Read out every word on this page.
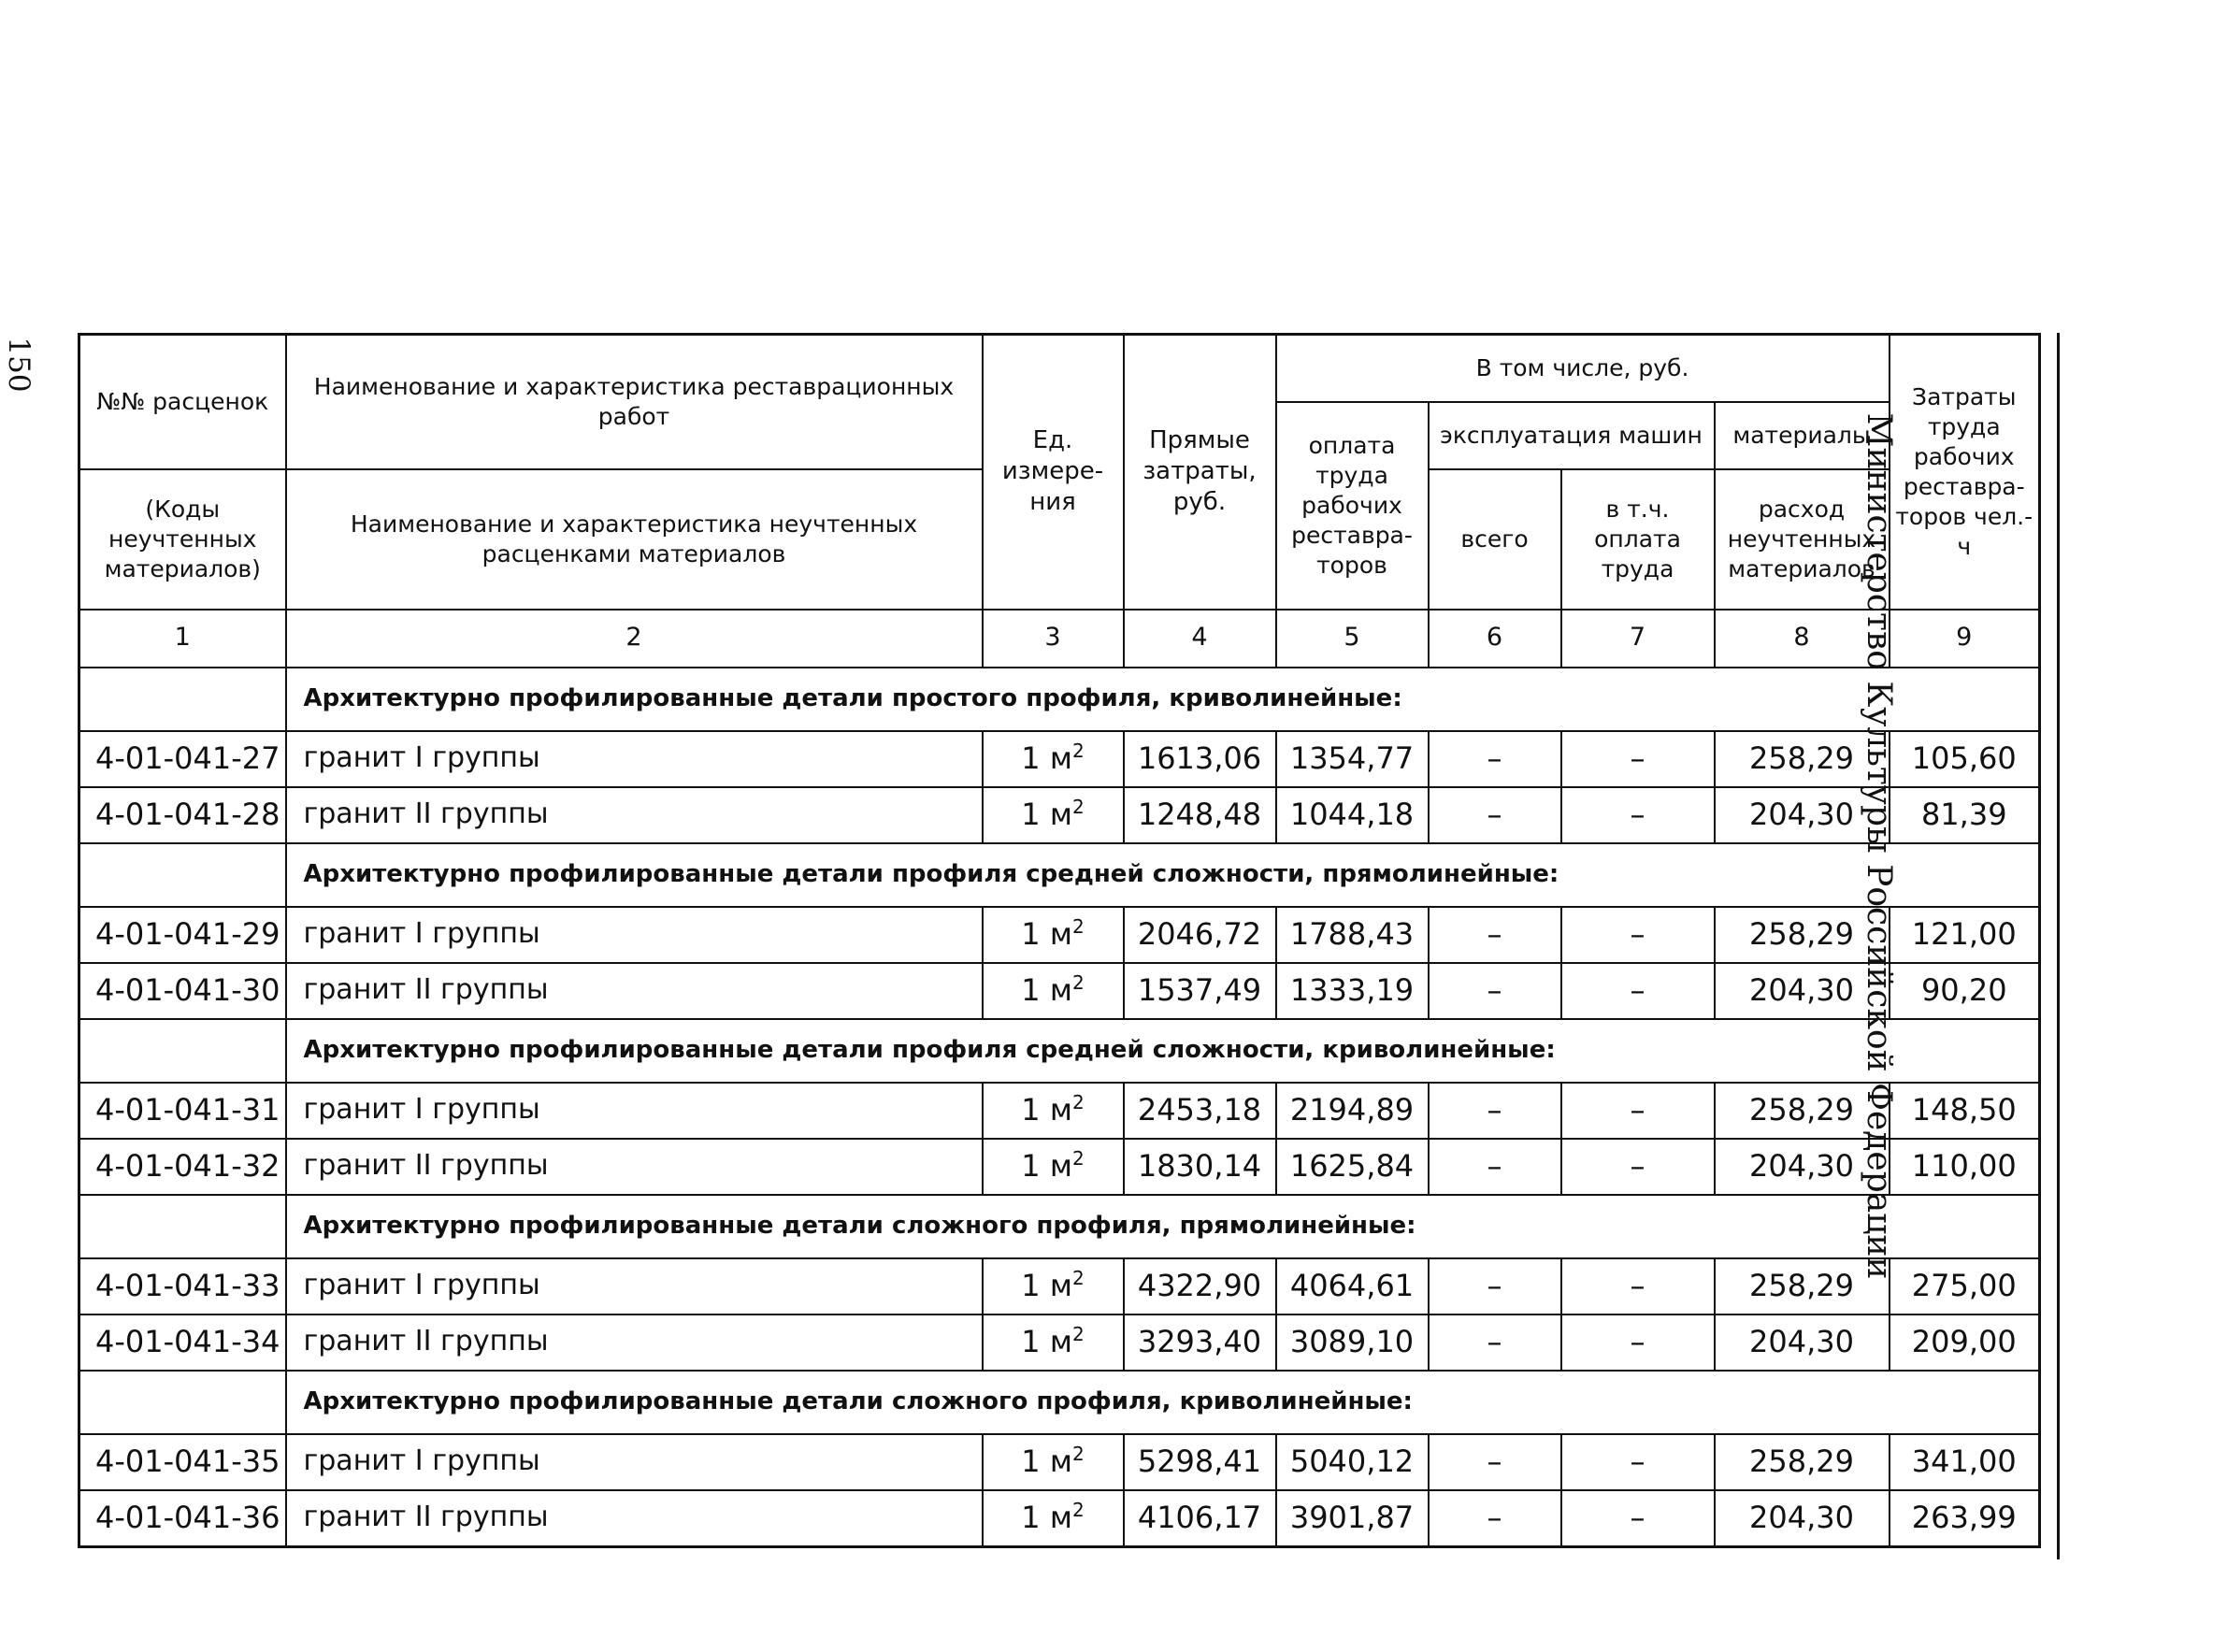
150
Министерство Культуры Российской Федерации
№№ расценок	Наименование и характеристика реставрационных работ	Ед. измере-ния	Прямые затраты, руб.	В том числе, руб.				Затраты труда рабочих реставра-торов чел.-ч
				оплата труда рабочих реставра-торов	эксплуатация машин		материалы	
(Коды неучтенных материалов)	Наименование и характеристика неучтенных расценками материалов				всего	в т.ч. оплата труда	расход неучтенных материалов	
1	2	3	4	5	6	7	8	9
	Архитектурно профилированные детали простого профиля, криволинейные:							
4-01-041-27	гранит I группы	1 $м^2$	1613,06	1354,77	–	–	258,29	105,60
4-01-041-28	гранит II группы	1 $м^2$	1248,48	1044,18	–	–	204,30	81,39
	Архитектурно профилированные детали профиля средней сложности, прямолинейные:							
4-01-041-29	гранит I группы	1 $м^2$	2046,72	1788,43	–	–	258,29	121,00
4-01-041-30	гранит II группы	1 $м^2$	1537,49	1333,19	–	–	204,30	90,20
	Архитектурно профилированные детали профиля средней сложности, криволинейные:							
4-01-041-31	гранит I группы	1 $м^2$	2453,18	2194,89	–	–	258,29	148,50
4-01-041-32	гранит II группы	1 $м^2$	1830,14	1625,84	–	–	204,30	110,00
	Архитектурно профилированные детали сложного профиля, прямолинейные:							
4-01-041-33	гранит I группы	1 $м^2$	4322,90	4064,61	–	–	258,29	275,00
4-01-041-34	гранит II группы	1 $м^2$	3293,40	3089,10	–	–	204,30	209,00
	Архитектурно профилированные детали сложного профиля, криволинейные:							
4-01-041-35	гранит I группы	1 $м^2$	5298,41	5040,12	–	–	258,29	341,00
4-01-041-36	гранит II группы	1 $м^2$	4106,17	3901,87	–	–	204,30	263,99
